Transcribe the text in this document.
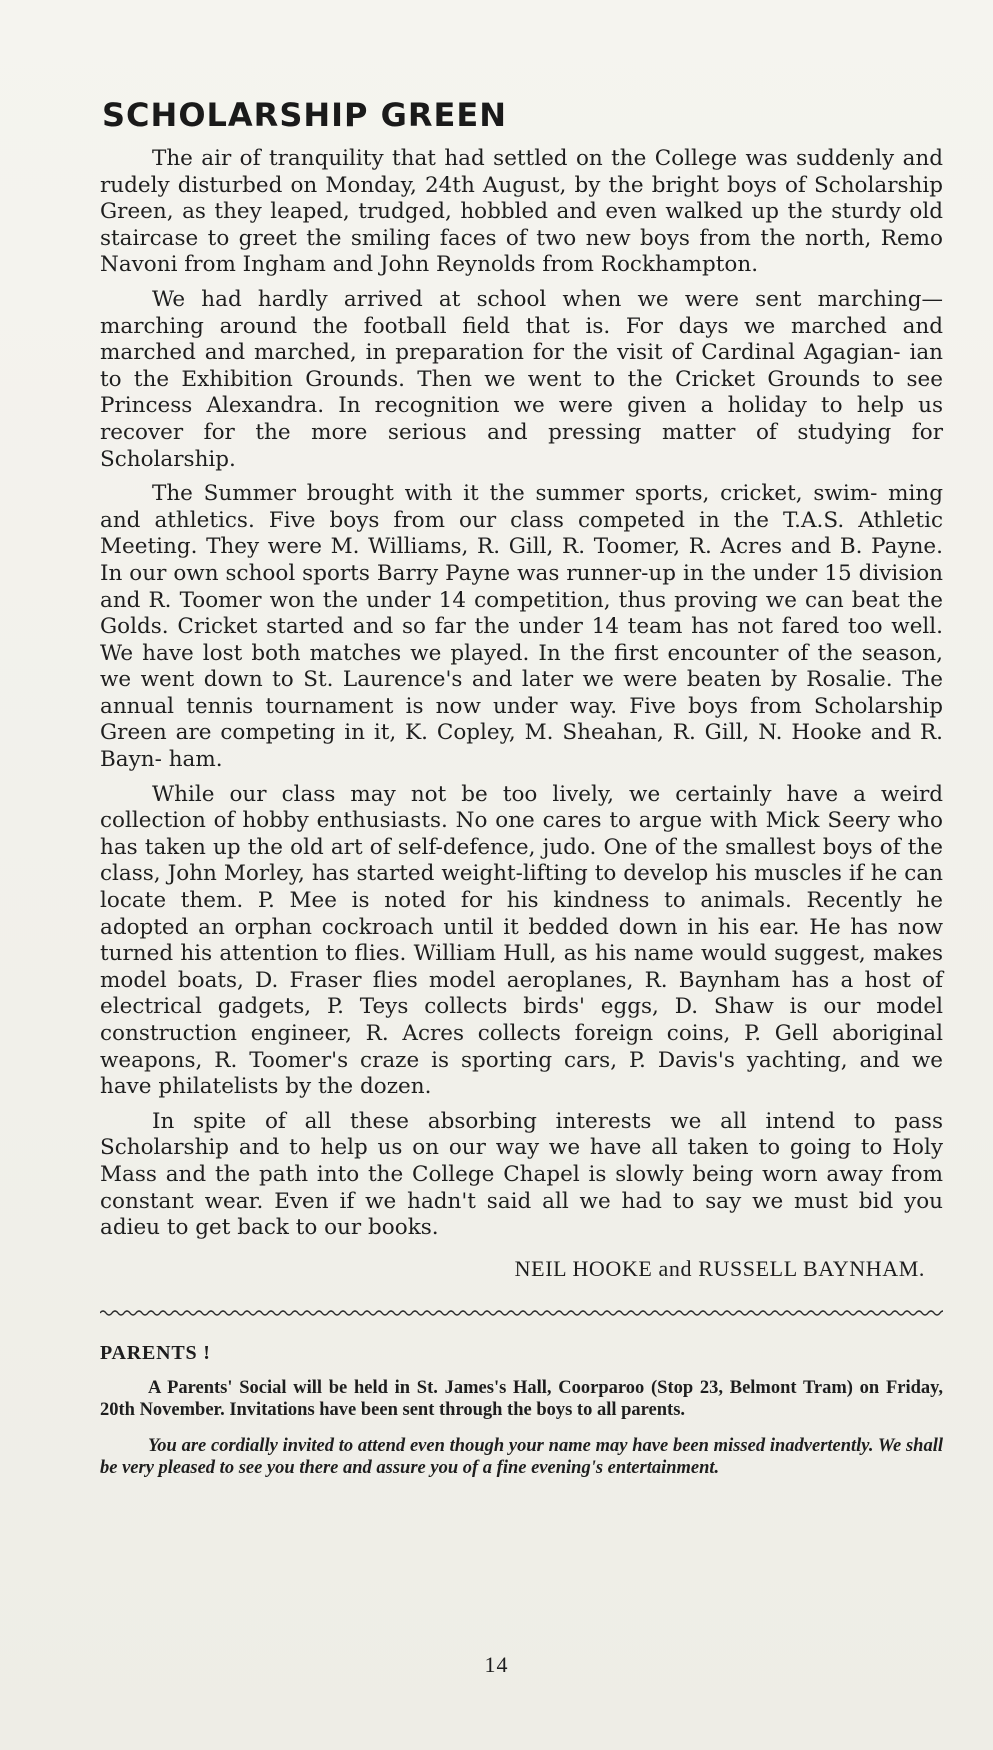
SCHOLARSHIP GREEN

The air of tranquility that had settled on the College was suddenly and rudely disturbed on Monday, 24th August, by the bright boys of Scholarship Green, as they leaped, trudged, hobbled and even walked up the sturdy old staircase to greet the smiling faces of two new boys from the north, Remo Navoni from Ingham and John Reynolds from Rockhampton.

We had hardly arrived at school when we were sent marching— marching around the football field that is. For days we marched and marched and marched, in preparation for the visit of Cardinal Agagian- ian to the Exhibition Grounds. Then we went to the Cricket Grounds to see Princess Alexandra. In recognition we were given a holiday to help us recover for the more serious and pressing matter of studying for Scholarship.

The Summer brought with it the summer sports, cricket, swim- ming and athletics. Five boys from our class competed in the T.A.S. Athletic Meeting. They were M. Williams, R. Gill, R. Toomer, R. Acres and B. Payne. In our own school sports Barry Payne was runner-up in the under 15 division and R. Toomer won the under 14 competition, thus proving we can beat the Golds. Cricket started and so far the under 14 team has not fared too well. We have lost both matches we played. In the first encounter of the season, we went down to St. Laurence's and later we were beaten by Rosalie. The annual tennis tournament is now under way. Five boys from Scholarship Green are competing in it, K. Copley, M. Sheahan, R. Gill, N. Hooke and R. Bayn- ham.

While our class may not be too lively, we certainly have a weird collection of hobby enthusiasts. No one cares to argue with Mick Seery who has taken up the old art of self-defence, judo. One of the smallest boys of the class, John Morley, has started weight-lifting to develop his muscles if he can locate them. P. Mee is noted for his kindness to animals. Recently he adopted an orphan cockroach until it bedded down in his ear. He has now turned his attention to flies. William Hull, as his name would suggest, makes model boats, D. Fraser flies model aeroplanes, R. Baynham has a host of electrical gadgets, P. Teys collects birds' eggs, D. Shaw is our model construction engineer, R. Acres collects foreign coins, P. Gell aboriginal weapons, R. Toomer's craze is sporting cars, P. Davis's yachting, and we have philatelists by the dozen.

In spite of all these absorbing interests we all intend to pass Scholarship and to help us on our way we have all taken to going to Holy Mass and the path into the College Chapel is slowly being worn away from constant wear. Even if we hadn't said all we had to say we must bid you adieu to get back to our books.

NEIL HOOKE and RUSSELL BAYNHAM.
PARENTS !

A Parents' Social will be held in St. James's Hall, Coorparoo (Stop 23, Belmont Tram) on Friday, 20th November. Invitations have been sent through the boys to all parents.

You are cordially invited to attend even though your name may have been missed inadvertently. We shall be very pleased to see you there and assure you of a fine evening's entertainment.

14
